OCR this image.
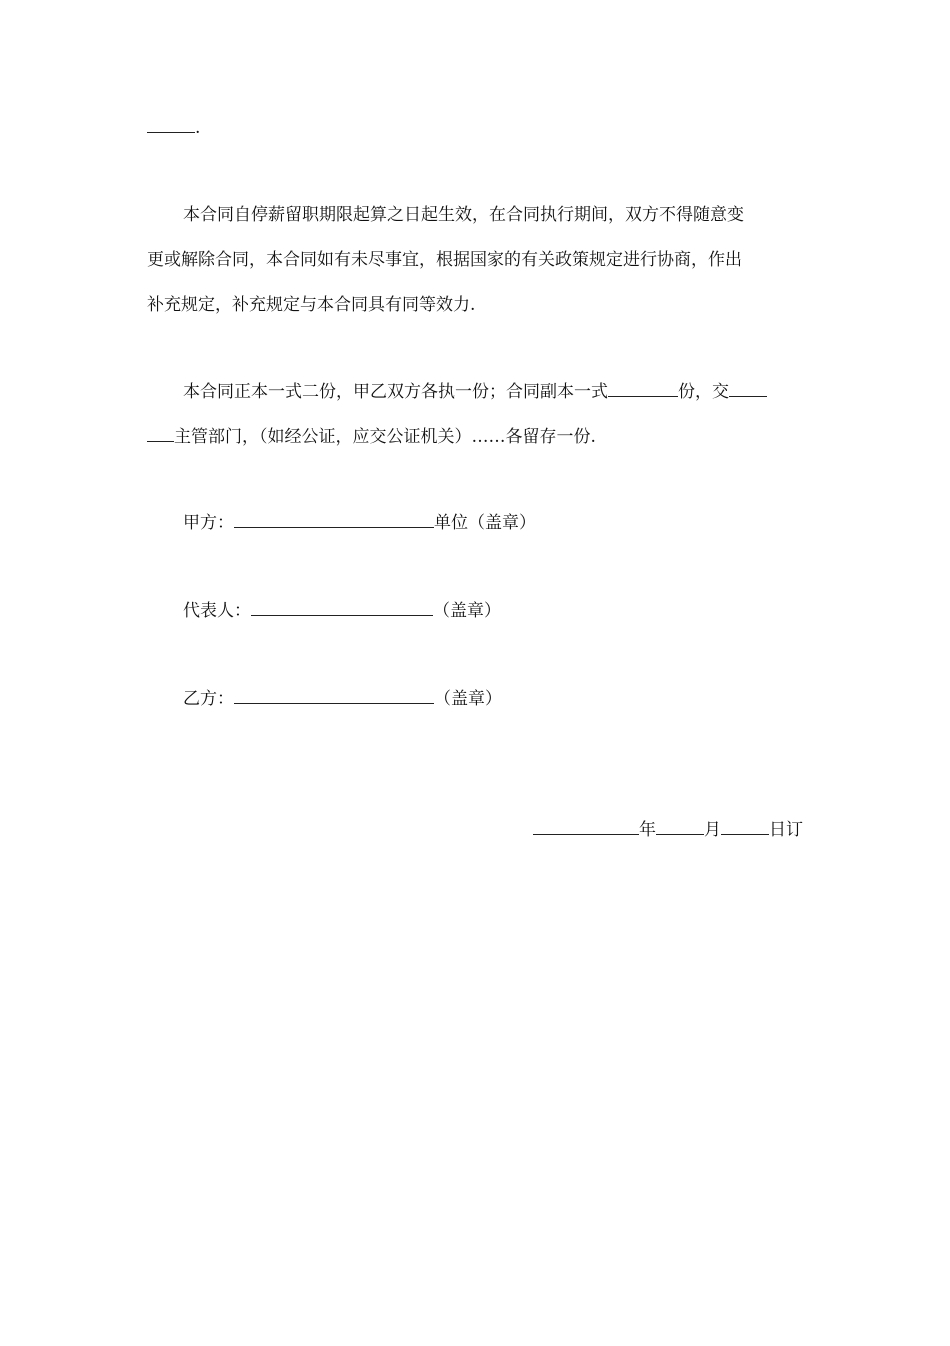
.
本合同自停薪留职期限起算之日起生效，在合同执行期间，双方不得随意变
更或解除合同，本合同如有未尽事宜，根据国家的有关政策规定进行协商，作出
补充规定，补充规定与本合同具有同等效力.
本合同正本一式二份，甲乙双方各执一份；合同副本一式	份，交
主管部门，（如经公证，应交公证机关）……各留存一份.
甲方：	单位（盖章）
代表人：	（盖章）
乙方：	（盖章）
年	月	日订
